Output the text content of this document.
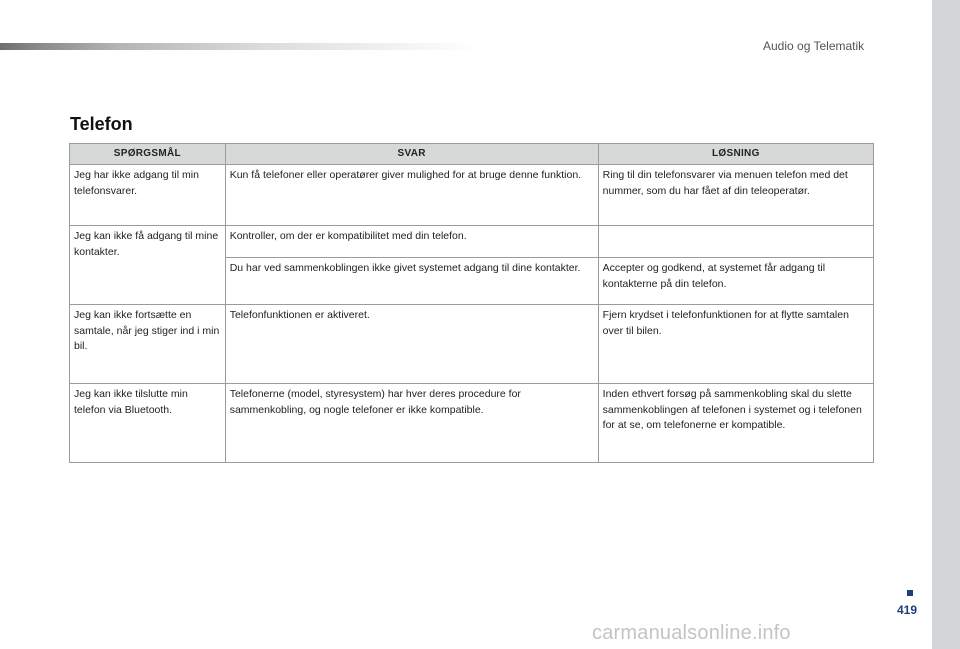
Audio og Telematik
Telefon
SPØRGSMÅL	SVAR	LØSNING
Jeg har ikke adgang til min telefonsvarer.	Kun få telefoner eller operatører giver mulighed for at bruge denne funktion.	Ring til din telefonsvarer via menuen telefon med det nummer, som du har fået af din teleoperatør.
Jeg kan ikke få adgang til mine kontakter.	Kontroller, om der er kompatibilitet med din telefon.	
	Du har ved sammenkoblingen ikke givet systemet adgang til dine kontakter.	Accepter og godkend, at systemet får adgang til kontakterne på din telefon.
Jeg kan ikke fortsætte en samtale, når jeg stiger ind i min bil.	Telefonfunktionen er aktiveret.	Fjern krydset i telefonfunktionen for at flytte samtalen over til bilen.
Jeg kan ikke tilslutte min telefon via Bluetooth.	Telefonerne (model, styresystem) har hver deres procedure for sammenkobling, og nogle telefoner er ikke kompatible.	Inden ethvert forsøg på sammenkobling skal du slette sammenkoblingen af telefonen i systemet og i telefonen for at se, om telefonerne er kompatible.
419
carmanualsonline.info
